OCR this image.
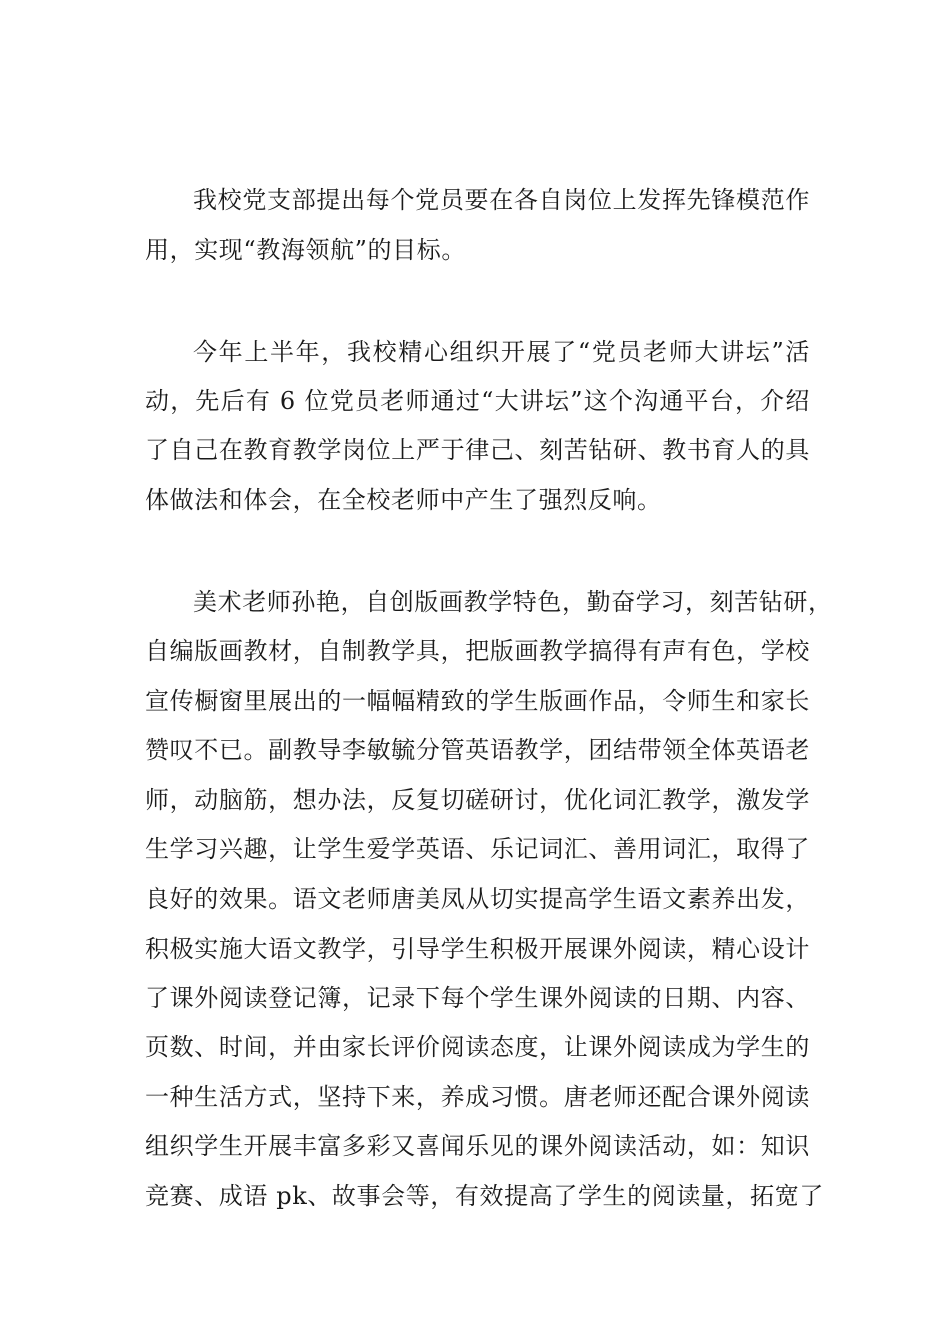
我校党支部提出每个党员要在各自岗位上发挥先锋模范作
用，实现“教海领航”的目标。
今年上半年，我校精心组织开展了“党员老师大讲坛”活
动，先后有 6 位党员老师通过“大讲坛”这个沟通平台，介绍
了自己在教育教学岗位上严于律己、刻苦钻研、教书育人的具
体做法和体会，在全校老师中产生了强烈反响。
美术老师孙艳，自创版画教学特色，勤奋学习，刻苦钻研，
自编版画教材，自制教学具，把版画教学搞得有声有色，学校
宣传橱窗里展出的一幅幅精致的学生版画作品，令师生和家长
赞叹不已。副教导李敏毓分管英语教学，团结带领全体英语老
师，动脑筋，想办法，反复切磋研讨，优化词汇教学，激发学
生学习兴趣，让学生爱学英语、乐记词汇、善用词汇，取得了
良好的效果。语文老师唐美凤从切实提高学生语文素养出发，
积极实施大语文教学，引导学生积极开展课外阅读，精心设计
了课外阅读登记簿，记录下每个学生课外阅读的日期、内容、
页数、时间，并由家长评价阅读态度，让课外阅读成为学生的
一种生活方式，坚持下来，养成习惯。唐老师还配合课外阅读
组织学生开展丰富多彩又喜闻乐见的课外阅读活动，如：知识
竞赛、成语 pk、故事会等，有效提高了学生的阅读量，拓宽了
